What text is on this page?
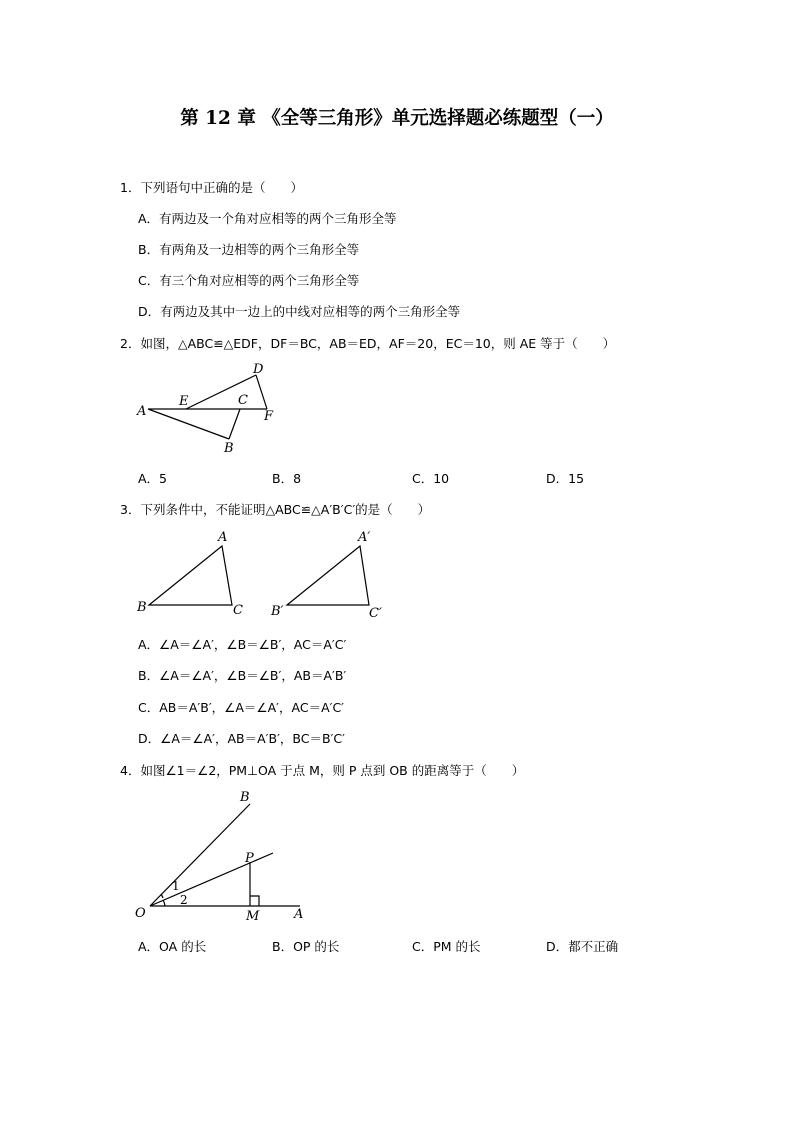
第 12 章 《全等三角形》单元选择题必练题型（一）
1．下列语句中正确的是（　　）
A．有两边及一个角对应相等的两个三角形全等
B．有两角及一边相等的两个三角形全等
C．有三个角对应相等的两个三角形全等
D．有两边及其中一边上的中线对应相等的两个三角形全等
2．如图，△ABC≌△EDF，DF＝BC，AB＝ED，AF＝20，EC＝10，则 AE 等于（　　）
A
E	C
D
F
B
A．5	B．8	C．10	D．15
3．下列条件中，不能证明△ABC≌△A′B′C′的是（　　）
A
B	C
A′
B′	C′
A．∠A＝∠A′，∠B＝∠B′，AC＝A′C′
B．∠A＝∠A′，∠B＝∠B′，AB＝A′B′
C．AB＝A′B′，∠A＝∠A′，AC＝A′C′
D．∠A＝∠A′，AB＝A′B′，BC＝B′C′
4．如图∠1＝∠2，PM⊥OA 于点 M，则 P 点到 OB 的距离等于（　　）
O	A
B
P
M
1
2
A．OA 的长	B．OP 的长	C．PM 的长	D．都不正确
